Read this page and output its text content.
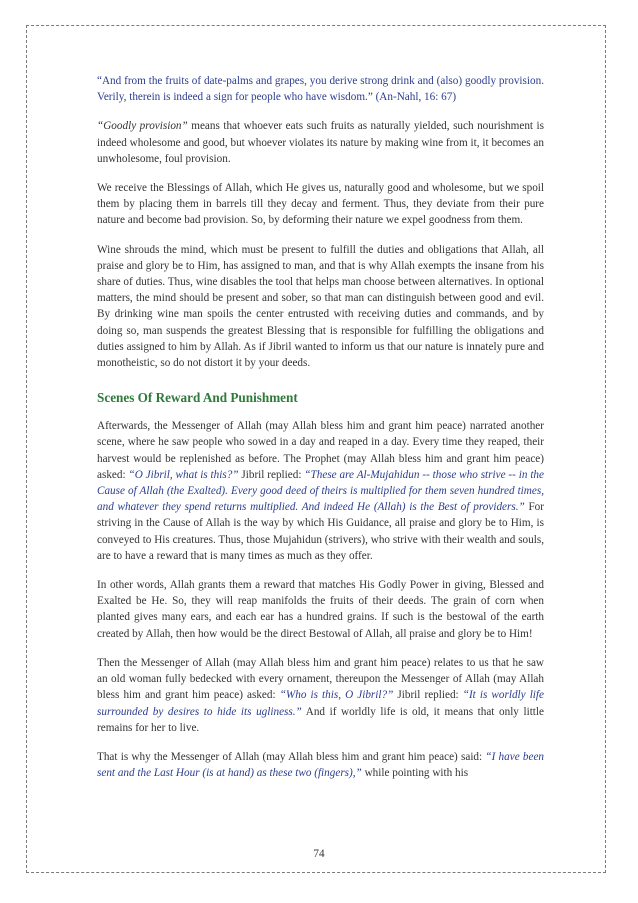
“And from the fruits of date-palms and grapes, you derive strong drink and (also) goodly provision. Verily, therein is indeed a sign for people who have wisdom.” (An-Nahl, 16: 67)

“Goodly provision” means that whoever eats such fruits as naturally yielded, such nourishment is indeed wholesome and good, but whoever violates its nature by making wine from it, it becomes an unwholesome, foul provision.

We receive the Blessings of Allah, which He gives us, naturally good and wholesome, but we spoil them by placing them in barrels till they decay and ferment. Thus, they deviate from their pure nature and become bad provision. So, by deforming their nature we expel goodness from them.

Wine shrouds the mind, which must be present to fulfill the duties and obligations that Allah, all praise and glory be to Him, has assigned to man, and that is why Allah exempts the insane from his share of duties. Thus, wine disables the tool that helps man choose between alternatives. In optional matters, the mind should be present and sober, so that man can distinguish between good and evil. By drinking wine man spoils the center entrusted with receiving duties and commands, and by doing so, man suspends the greatest Blessing that is responsible for fulfilling the obligations and duties assigned to him by Allah. As if Jibril wanted to inform us that our nature is innately pure and monotheistic, so do not distort it by your deeds.

Scenes Of Reward And Punishment

Afterwards, the Messenger of Allah (may Allah bless him and grant him peace) narrated another scene, where he saw people who sowed in a day and reaped in a day. Every time they reaped, their harvest would be replenished as before. The Prophet (may Allah bless him and grant him peace) asked: “O Jibril, what is this?” Jibril replied: “These are Al-Mujahidun -- those who strive -- in the Cause of Allah (the Exalted). Every good deed of theirs is multiplied for them seven hundred times, and whatever they spend returns multiplied. And indeed He (Allah) is the Best of providers.” For striving in the Cause of Allah is the way by which His Guidance, all praise and glory be to Him, is conveyed to His creatures. Thus, those Mujahidun (strivers), who strive with their wealth and souls, are to have a reward that is many times as much as they offer.

In other words, Allah grants them a reward that matches His Godly Power in giving, Blessed and Exalted be He. So, they will reap manifolds the fruits of their deeds. The grain of corn when planted gives many ears, and each ear has a hundred grains. If such is the bestowal of the earth created by Allah, then how would be the direct Bestowal of Allah, all praise and glory be to Him!

Then the Messenger of Allah (may Allah bless him and grant him peace) relates to us that he saw an old woman fully bedecked with every ornament, thereupon the Messenger of Allah (may Allah bless him and grant him peace) asked: “Who is this, O Jibril?” Jibril replied: “It is worldly life surrounded by desires to hide its ugliness.” And if worldly life is old, it means that only little remains for her to live.

That is why the Messenger of Allah (may Allah bless him and grant him peace) said: “I have been sent and the Last Hour (is at hand) as these two (fingers),” while pointing with his

74
